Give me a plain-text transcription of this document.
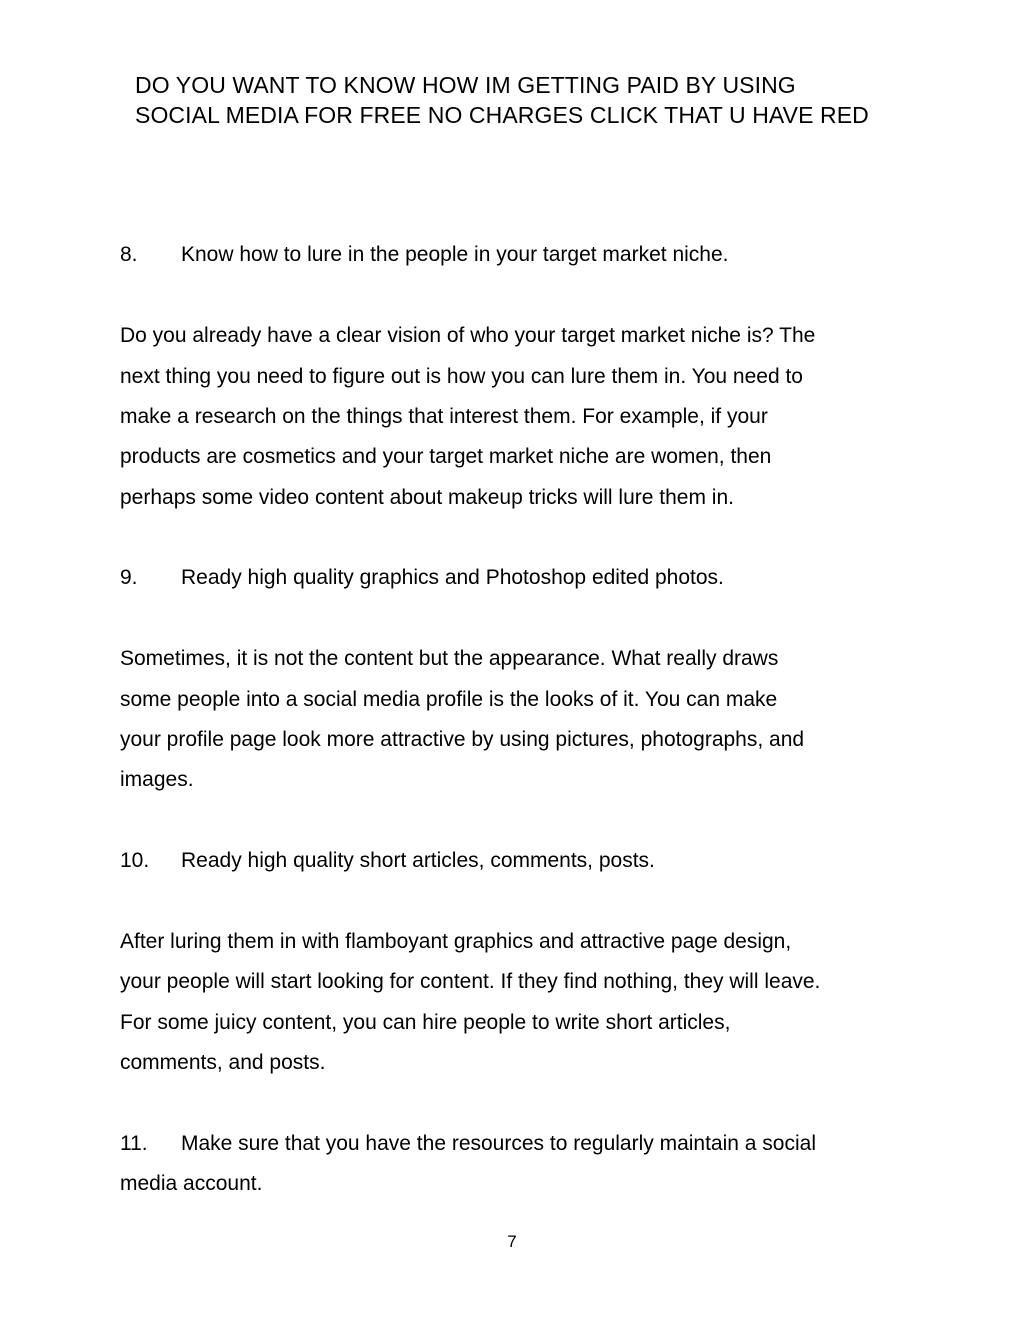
DO YOU WANT TO KNOW HOW IM GETTING PAID BY USING
SOCIAL MEDIA FOR FREE NO CHARGES CLICK THAT U HAVE RED
8. Know how to lure in the people in your target market niche.
Do you already have a clear vision of who your target market niche is? The
next thing you need to figure out is how you can lure them in. You need to
make a research on the things that interest them. For example, if your
products are cosmetics and your target market niche are women, then
perhaps some video content about makeup tricks will lure them in.
9. Ready high quality graphics and Photoshop edited photos.
Sometimes, it is not the content but the appearance. What really draws
some people into a social media profile is the looks of it. You can make
your profile page look more attractive by using pictures, photographs, and
images.
10. Ready high quality short articles, comments, posts.
After luring them in with flamboyant graphics and attractive page design,
your people will start looking for content. If they find nothing, they will leave.
For some juicy content, you can hire people to write short articles,
comments, and posts.
11. Make sure that you have the resources to regularly maintain a social
media account.
7
